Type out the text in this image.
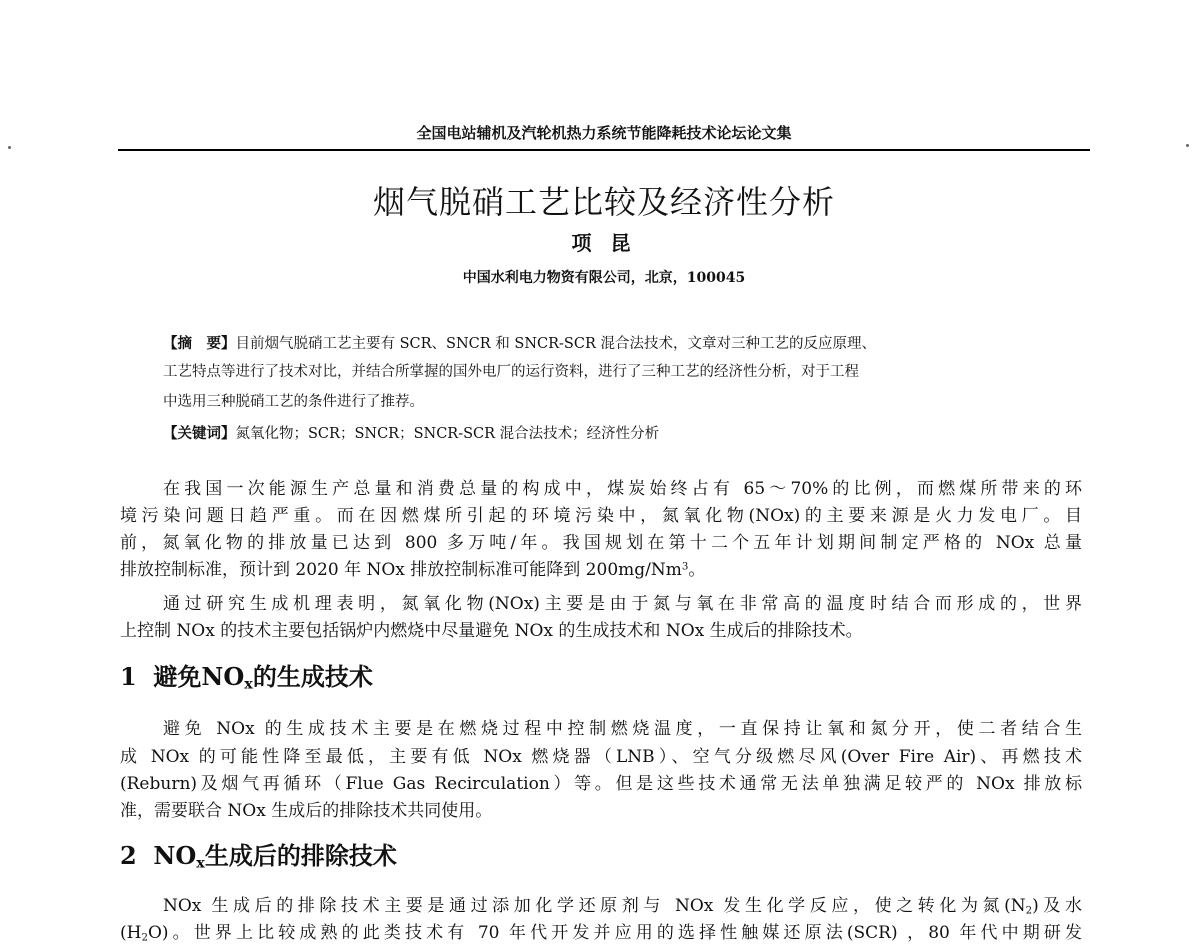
全国电站辅机及汽轮机热力系统节能降耗技术论坛论文集
烟气脱硝工艺比较及经济性分析
项 昆
中国水利电力物资有限公司，北京，100045
【摘　要】目前烟气脱硝工艺主要有 SCR、SNCR 和 SNCR-SCR 混合法技术，文章对三种工艺的反应原理、
工艺特点等进行了技术对比，并结合所掌握的国外电厂的运行资料，进行了三种工艺的经济性分析，对于工程
中选用三种脱硝工艺的条件进行了推荐。
【关键词】氮氧化物；SCR；SNCR；SNCR-SCR 混合法技术；经济性分析
在我国一次能源生产总量和消费总量的构成中，煤炭始终占有 65～70%的比例，而燃煤所带来的环
境污染问题日趋严重。而在因燃煤所引起的环境污染中，氮氧化物(NOx)的主要来源是火力发电厂。目
前，氮氧化物的排放量已达到 800 多万吨/年。我国规划在第十二个五年计划期间制定严格的 NOx 总量
排放控制标准，预计到 2020 年 NOx 排放控制标准可能降到 200mg/Nm$^3$。
通过研究生成机理表明，氮氧化物(NOx)主要是由于氮与氧在非常高的温度时结合而形成的，世界
上控制 NOx 的技术主要包括锅炉内燃烧中尽量避免 NOx 的生成技术和 NOx 生成后的排除技术。
1 避免$NO_x$的生成技术
避免 NOx 的生成技术主要是在燃烧过程中控制燃烧温度，一直保持让氧和氮分开，使二者结合生
成 NOx 的可能性降至最低，主要有低 NOx 燃烧器（LNB）、空气分级燃尽风(Over Fire Air)、再燃技术
(Reburn)及烟气再循环（Flue Gas Recirculation）等。但是这些技术通常无法单独满足较严的 NOx 排放标
准，需要联合 NOx 生成后的排除技术共同使用。
2 $NO_x$生成后的排除技术
NOx 生成后的排除技术主要是通过添加化学还原剂与 NOx 发生化学反应，使之转化为氮$(N_2)$及水
$(H_2O)$。世界上比较成熟的此类技术有 70 年代开发并应用的选择性触媒还原法(SCR) ，80 年代中期研发
